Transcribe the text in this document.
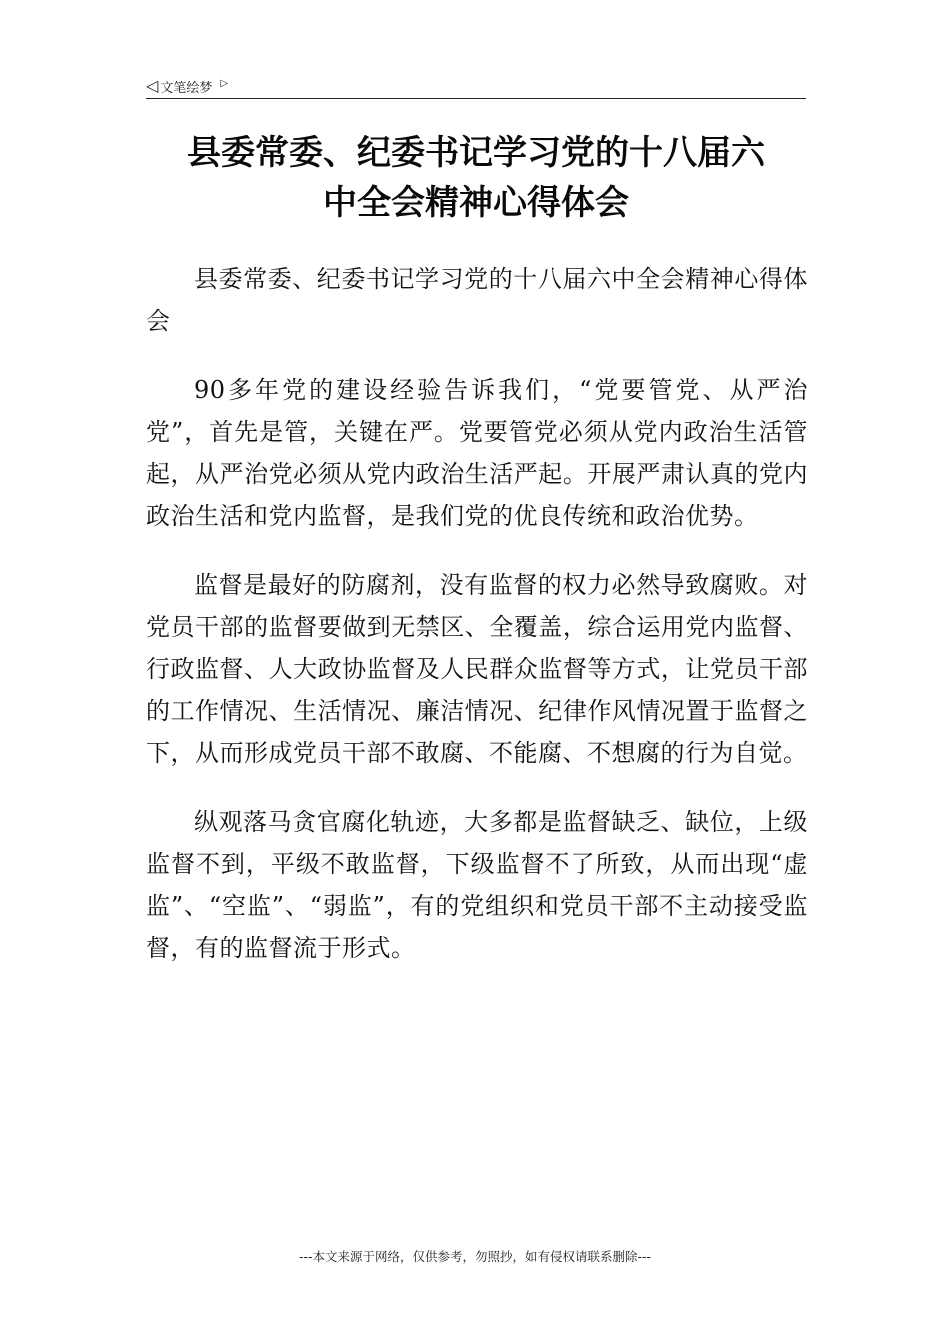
◁ 文笔绘梦 ▷
县委常委、纪委书记学习党的十八届六
中全会精神心得体会

县委常委、纪委书记学习党的十八届六中全会精神心得体会

90多年党的建设经验告诉我们，“党要管党、从严治党”，首先是管，关键在严。党要管党必须从党内政治生活管起，从严治党必须从党内政治生活严起。开展严肃认真的党内政治生活和党内监督，是我们党的优良传统和政治优势。

监督是最好的防腐剂，没有监督的权力必然导致腐败。对党员干部的监督要做到无禁区、全覆盖，综合运用党内监督、行政监督、人大政协监督及人民群众监督等方式，让党员干部的工作情况、生活情况、廉洁情况、纪律作风情况置于监督之下，从而形成党员干部不敢腐、不能腐、不想腐的行为自觉。

纵观落马贪官腐化轨迹，大多都是监督缺乏、缺位，上级监督不到，平级不敢监督，下级监督不了所致，从而出现“虚监”、“空监”、“弱监”，有的党组织和党员干部不主动接受监督，有的监督流于形式。

---本文来源于网络，仅供参考，勿照抄，如有侵权请联系删除---
